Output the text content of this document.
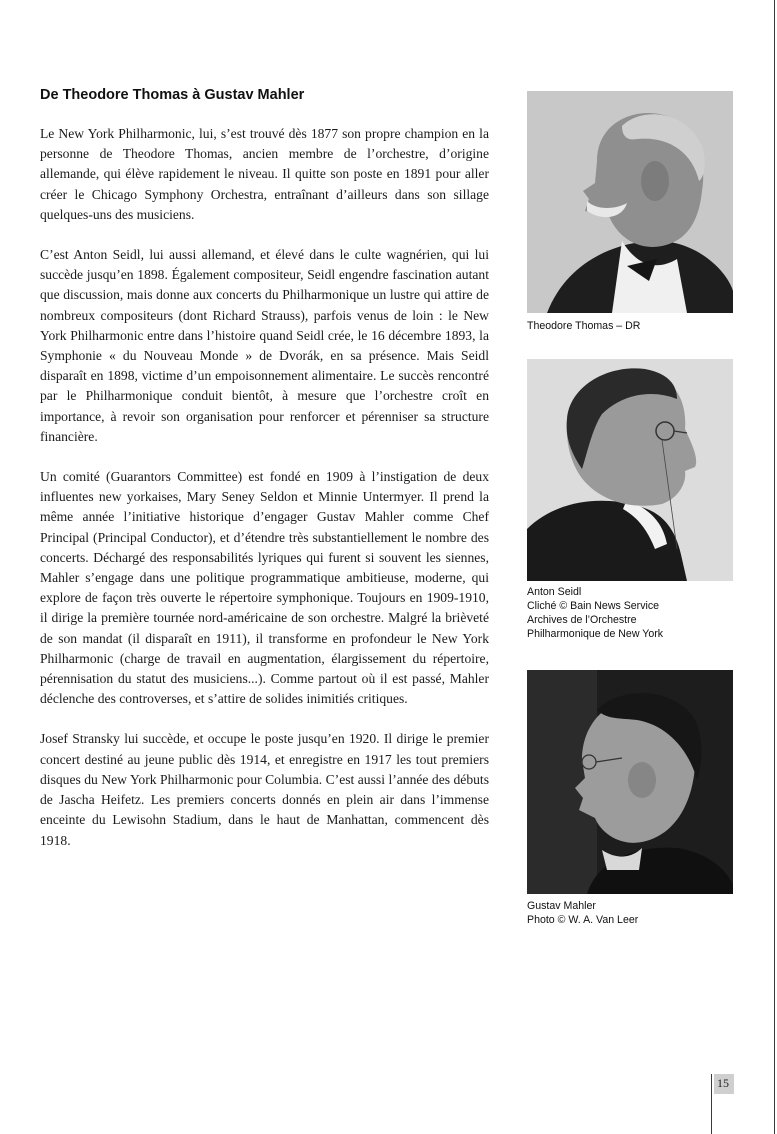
De Theodore Thomas à Gustav Mahler

Le New York Philharmonic, lui, s’est trouvé dès 1877 son propre champion en la personne de Theodore Thomas, ancien membre de l’orchestre, d’origine allemande, qui élève rapidement le niveau. Il quitte son poste en 1891 pour aller créer le Chicago Symphony Orchestra, entraînant d’ailleurs dans son sillage quelques-uns des musiciens.

C’est Anton Seidl, lui aussi allemand, et élevé dans le culte wagnérien, qui lui succède jusqu’en 1898. Également compositeur, Seidl engendre fascination autant que discussion, mais donne aux concerts du Philharmonique un lustre qui attire de nombreux compositeurs (dont Richard Strauss), parfois venus de loin : le New York Philharmonic entre dans l’histoire quand Seidl crée, le 16 décembre 1893, la Symphonie « du Nouveau Monde » de Dvorák, en sa présence. Mais Seidl disparaît en 1898, victime d’un empoisonnement alimentaire. Le succès rencontré par le Philharmonique conduit bientôt, à mesure que l’orchestre croît en importance, à revoir son organisation pour renforcer et pérenniser sa structure financière.

Un comité (Guarantors Committee) est fondé en 1909 à l’instigation de deux influentes new yorkaises, Mary Seney Seldon et Minnie Untermyer. Il prend la même année l’initiative historique d’engager Gustav Mahler comme Chef Principal (Principal Conductor), et d’étendre très substantiellement le nombre des concerts. Déchargé des responsabilités lyriques qui furent si souvent les siennes, Mahler s’engage dans une politique programmatique ambitieuse, moderne, qui explore de façon très ouverte le répertoire symphonique. Toujours en 1909-1910, il dirige la première tournée nord-américaine de son orchestre. Malgré la brièveté de son mandat (il disparaît en 1911), il transforme en profondeur le New York Philharmonic (charge de travail en augmentation, élargissement du répertoire, pérennisation du statut des musiciens...). Comme partout où il est passé, Mahler déclenche des controverses, et s’attire de solides inimitiés critiques.

Josef Stransky lui succède, et occupe le poste jusqu’en 1920. Il dirige le premier concert destiné au jeune public dès 1914, et enregistre en 1917 les tout premiers disques du New York Philharmonic pour Columbia. C’est aussi l’année des débuts de Jascha Heifetz. Les premiers concerts donnés en plein air dans l’immense enceinte du Lewisohn Stadium, dans le haut de Manhattan, commencent dès 1918.

Theodore Thomas – DR

Anton Seidl
Cliché © Bain News Service
Archives de l’Orchestre
Philharmonique de New York

Gustav Mahler
Photo © W. A. Van Leer

15
